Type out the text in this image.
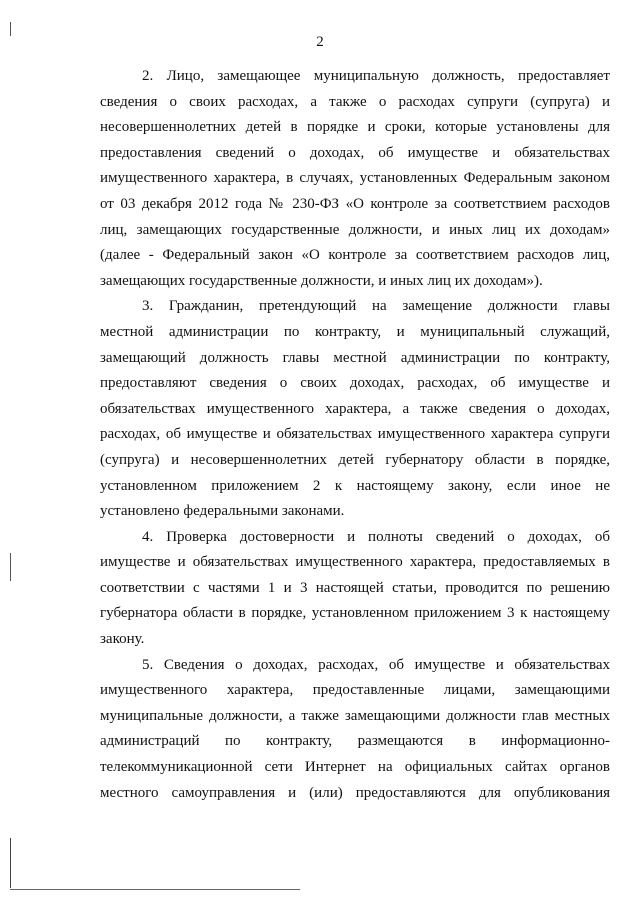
2
2. Лицо, замещающее муниципальную должность, предоставляет
сведения о своих расходах, а также о расходах супруги (супруга) и
несовершеннолетних детей в порядке и сроки, которые установлены для
предоставления сведений о доходах, об имуществе и обязательствах
имущественного характера, в случаях, установленных Федеральным законом
от 03 декабря 2012 года № 230-ФЗ «О контроле за соответствием расходов
лиц, замещающих государственные должности, и иных лиц их доходам»
(далее - Федеральный закон «О контроле за соответствием расходов лиц,
замещающих государственные должности, и иных лиц их доходам»).
3. Гражданин, претендующий на замещение должности главы
местной администрации по контракту, и муниципальный служащий,
замещающий должность главы местной администрации по контракту,
предоставляют сведения о своих доходах, расходах, об имуществе и
обязательствах имущественного характера, а также сведения о доходах,
расходах, об имуществе и обязательствах имущественного характера супруги
(супруга) и несовершеннолетних детей губернатору области в порядке,
установленном приложением 2 к настоящему закону, если иное не
установлено федеральными законами.
4. Проверка достоверности и полноты сведений о доходах, об
имуществе и обязательствах имущественного характера, предоставляемых в
соответствии с частями 1 и 3 настоящей статьи, проводится по решению
губернатора области в порядке, установленном приложением 3 к настоящему
закону.
5. Сведения о доходах, расходах, об имуществе и обязательствах
имущественного характера, предоставленные лицами, замещающими
муниципальные должности, а также замещающими должности глав местных
администраций по контракту, размещаются в информационно-
телекоммуникационной сети Интернет на официальных сайтах органов
местного самоуправления и (или) предоставляются для опубликования
